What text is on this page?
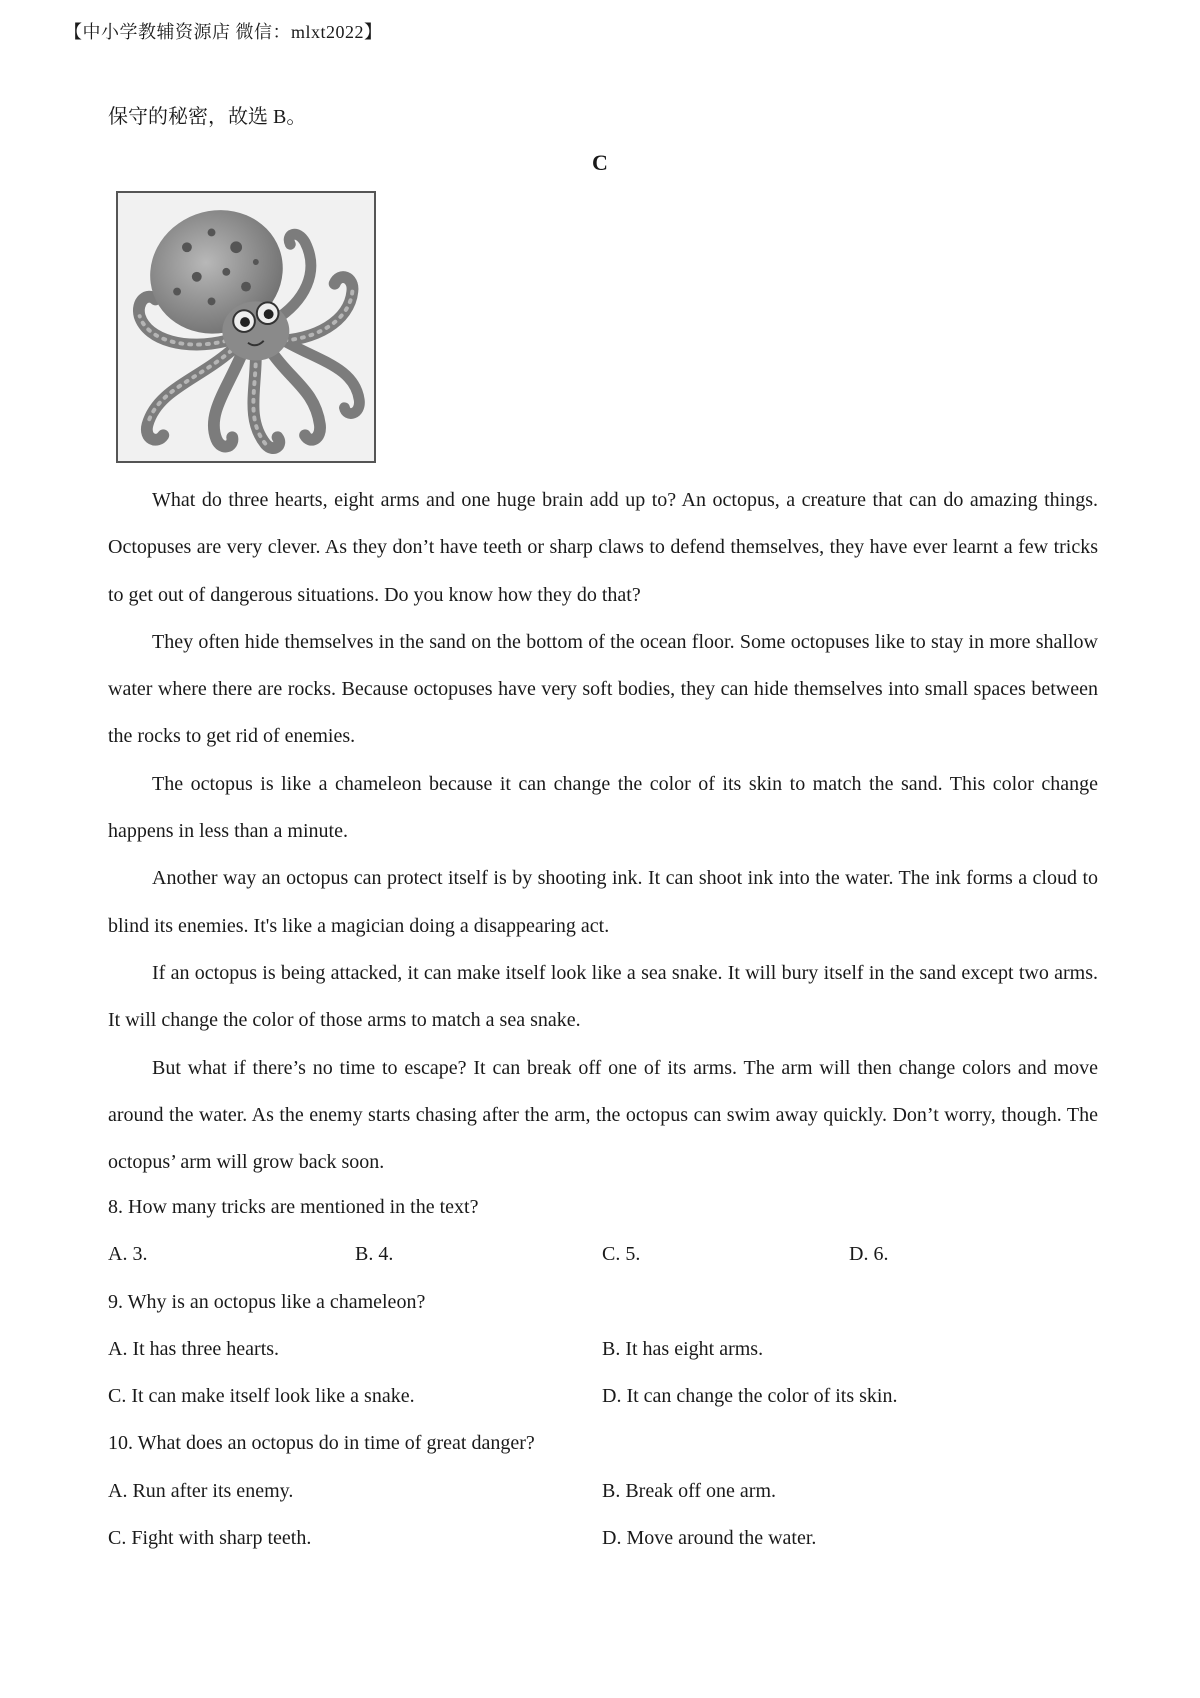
【中小学教辅资源店 微信：mlxt2022】
保守的秘密，故选 B。
C

What do three hearts, eight arms and one huge brain add up to? An octopus, a creature that can do amazing things. Octopuses are very clever. As they don’t have teeth or sharp claws to defend themselves, they have ever learnt a few tricks to get out of dangerous situations. Do you know how they do that?

They often hide themselves in the sand on the bottom of the ocean floor. Some octopuses like to stay in more shallow water where there are rocks. Because octopuses have very soft bodies, they can hide themselves into small spaces between the rocks to get rid of enemies.

The octopus is like a chameleon because it can change the color of its skin to match the sand. This color change happens in less than a minute.

Another way an octopus can protect itself is by shooting ink. It can shoot ink into the water. The ink forms a cloud to blind its enemies. It's like a magician doing a disappearing act.

If an octopus is being attacked, it can make itself look like a sea snake. It will bury itself in the sand except two arms. It will change the color of those arms to match a sea snake.

But what if there’s no time to escape? It can break off one of its arms. The arm will then change colors and move around the water. As the enemy starts chasing after the arm, the octopus can swim away quickly. Don’t worry, though. The octopus’ arm will grow back soon.

8. How many tricks are mentioned in the text?
A. 3.	B. 4.	C. 5.	D. 6.
9. Why is an octopus like a chameleon?
A. It has three hearts.	B. It has eight arms.
C. It can make itself look like a snake.	D. It can change the color of its skin.
10. What does an octopus do in time of great danger?
A. Run after its enemy.	B. Break off one arm.
C. Fight with sharp teeth.	D. Move around the water.
